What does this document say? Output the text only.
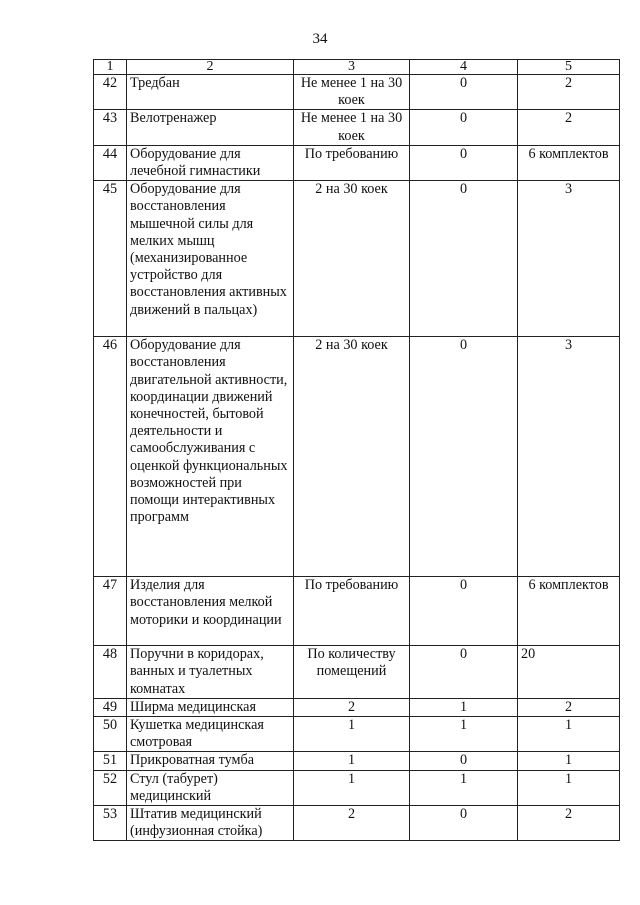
34
1	2	3	4	5
42	Тредбан	Не менее 1 на 30 коек	0	2
43	Велотренажер	Не менее 1 на 30 коек	0	2
44	Оборудование для лечебной гимнастики	По требованию	0	6 комплектов
45	Оборудование для восстановления мышечной силы для мелких мышц (механизированное устройство для восстановления активных движений в пальцах)	2 на 30 коек	0	3
46	Оборудование для восстановления двигательной активности, координации движений конечностей, бытовой деятельности и самообслуживания с оценкой функциональных возможностей при помощи интерактивных программ	2 на 30 коек	0	3
47	Изделия для восстановления мелкой моторики и координации	По требованию	0	6 комплектов
48	Поручни в коридорах, ванных и туалетных комнатах	По количеству помещений	0	20
49	Ширма медицинская	2	1	2
50	Кушетка медицинская смотровая	1	1	1
51	Прикроватная тумба	1	0	1
52	Стул (табурет) медицинский	1	1	1
53	Штатив медицинский (инфузионная стойка)	2	0	2
